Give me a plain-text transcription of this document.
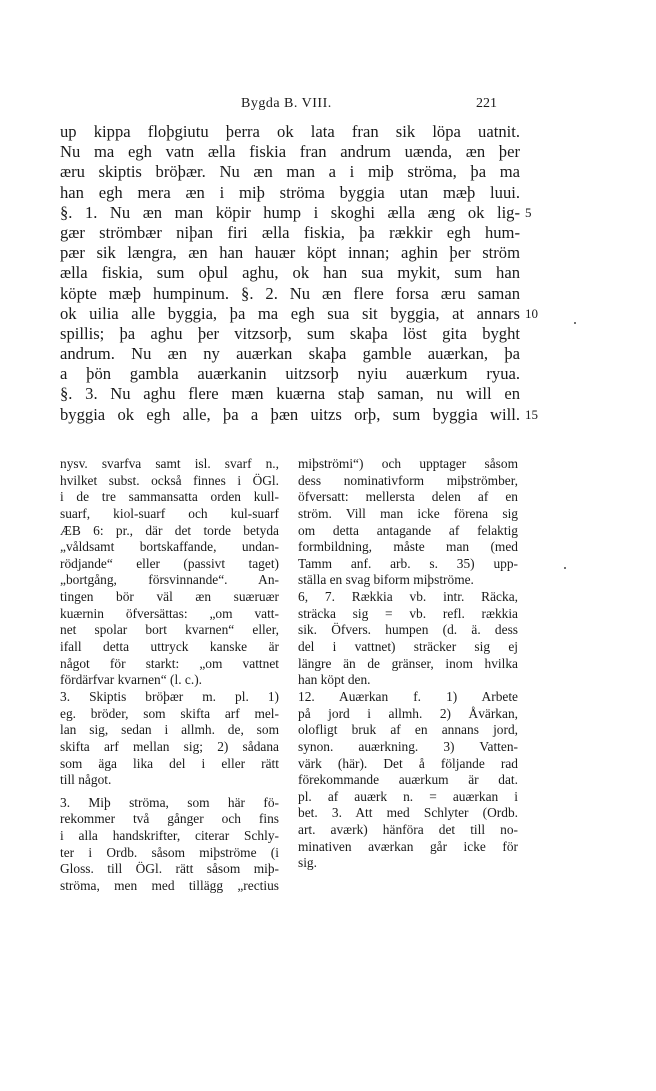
Bygda B. VIII.	221
up kippa floþgiutu þerra ok lata fran sik löpa uatnit.
Nu ma egh vatn ælla fiskia fran andrum uænda, æn þer
æru skiptis bröþær. Nu æn man a i miþ ströma, þa ma
han egh mera æn i miþ ströma byggia utan mæþ luui.
§. 1. Nu æn man köpir hump i skoghi ælla æng ok lig- 5
gær strömbær niþan firi ælla fiskia, þa rækkir egh hum-
pær sik længra, æn han hauær köpt innan; aghin þer ström
ælla fiskia, sum oþul aghu, ok han sua mykit, sum han
köpte mæþ humpinum. §. 2. Nu æn flere forsa æru saman
ok uilia alle byggia, þa ma egh sua sit byggia, at annars 10
spillis; þa aghu þer vitzsorþ, sum skaþa löst gita byght
andrum. Nu æn ny auærkan skaþa gamble auærkan, þa
a þön gambla auærkanin uitzsorþ nyiu auærkum ryua.
§. 3. Nu aghu flere mæn kuærna staþ saman, nu will en
byggia ok egh alle, þa a þæn uitzs orþ, sum byggia will. 15
nysv. svarfva samt isl. svarf n.,
hvilket subst. också finnes i ÖGl.
i de tre sammansatta orden kull-
suarf, kiol-suarf och kul-suarf
ÆB 6: pr., där det torde betyda
„våldsamt bortskaffande, undan-
rödjande“ eller (passivt taget)
„bortgång, försvinnande“. An-
tingen bör väl æn suæruær
kuærnin öfversättas: „om vatt-
net spolar bort kvarnen“ eller,
ifall detta uttryck kanske är
något för starkt: „om vattnet
fördärfvar kvarnen“ (l. c.).
3. Skiptis bröþær m. pl. 1)
eg. bröder, som skifta arf mel-
lan sig, sedan i allmh. de, som
skifta arf mellan sig; 2) sådana
som äga lika del i eller rätt
till något.
3. Miþ ströma, som här fö-
rekommer två gånger och fins
i alla handskrifter, citerar Schly-
ter i Ordb. såsom miþströme (i
Gloss. till ÖGl. rätt såsom miþ-
ströma, men med tillägg „rectius
miþströmi“) och upptager såsom
dess nominativform miþströmber,
öfversatt: mellersta delen af en
ström. Vill man icke förena sig
om detta antagande af felaktig
formbildning, måste man (med
Tamm anf. arb. s. 35) upp-
ställa en svag biform miþströme.
6, 7. Rækkia vb. intr. Räcka,
sträcka sig = vb. refl. rækkia
sik. Öfvers. humpen (d. ä. dess
del i vattnet) sträcker sig ej
längre än de gränser, inom hvilka
han köpt den.
12. Auærkan f. 1) Arbete
på jord i allmh. 2) Åvärkan,
olofligt bruk af en annans jord,
synon. auærkning. 3) Vatten-
värk (här). Det å följande rad
förekommande auærkum är dat.
pl. af auærk n. = auærkan i
bet. 3. Att med Schlyter (Ordb.
art. aværk) hänföra det till no-
minativen aværkan går icke för
sig.
